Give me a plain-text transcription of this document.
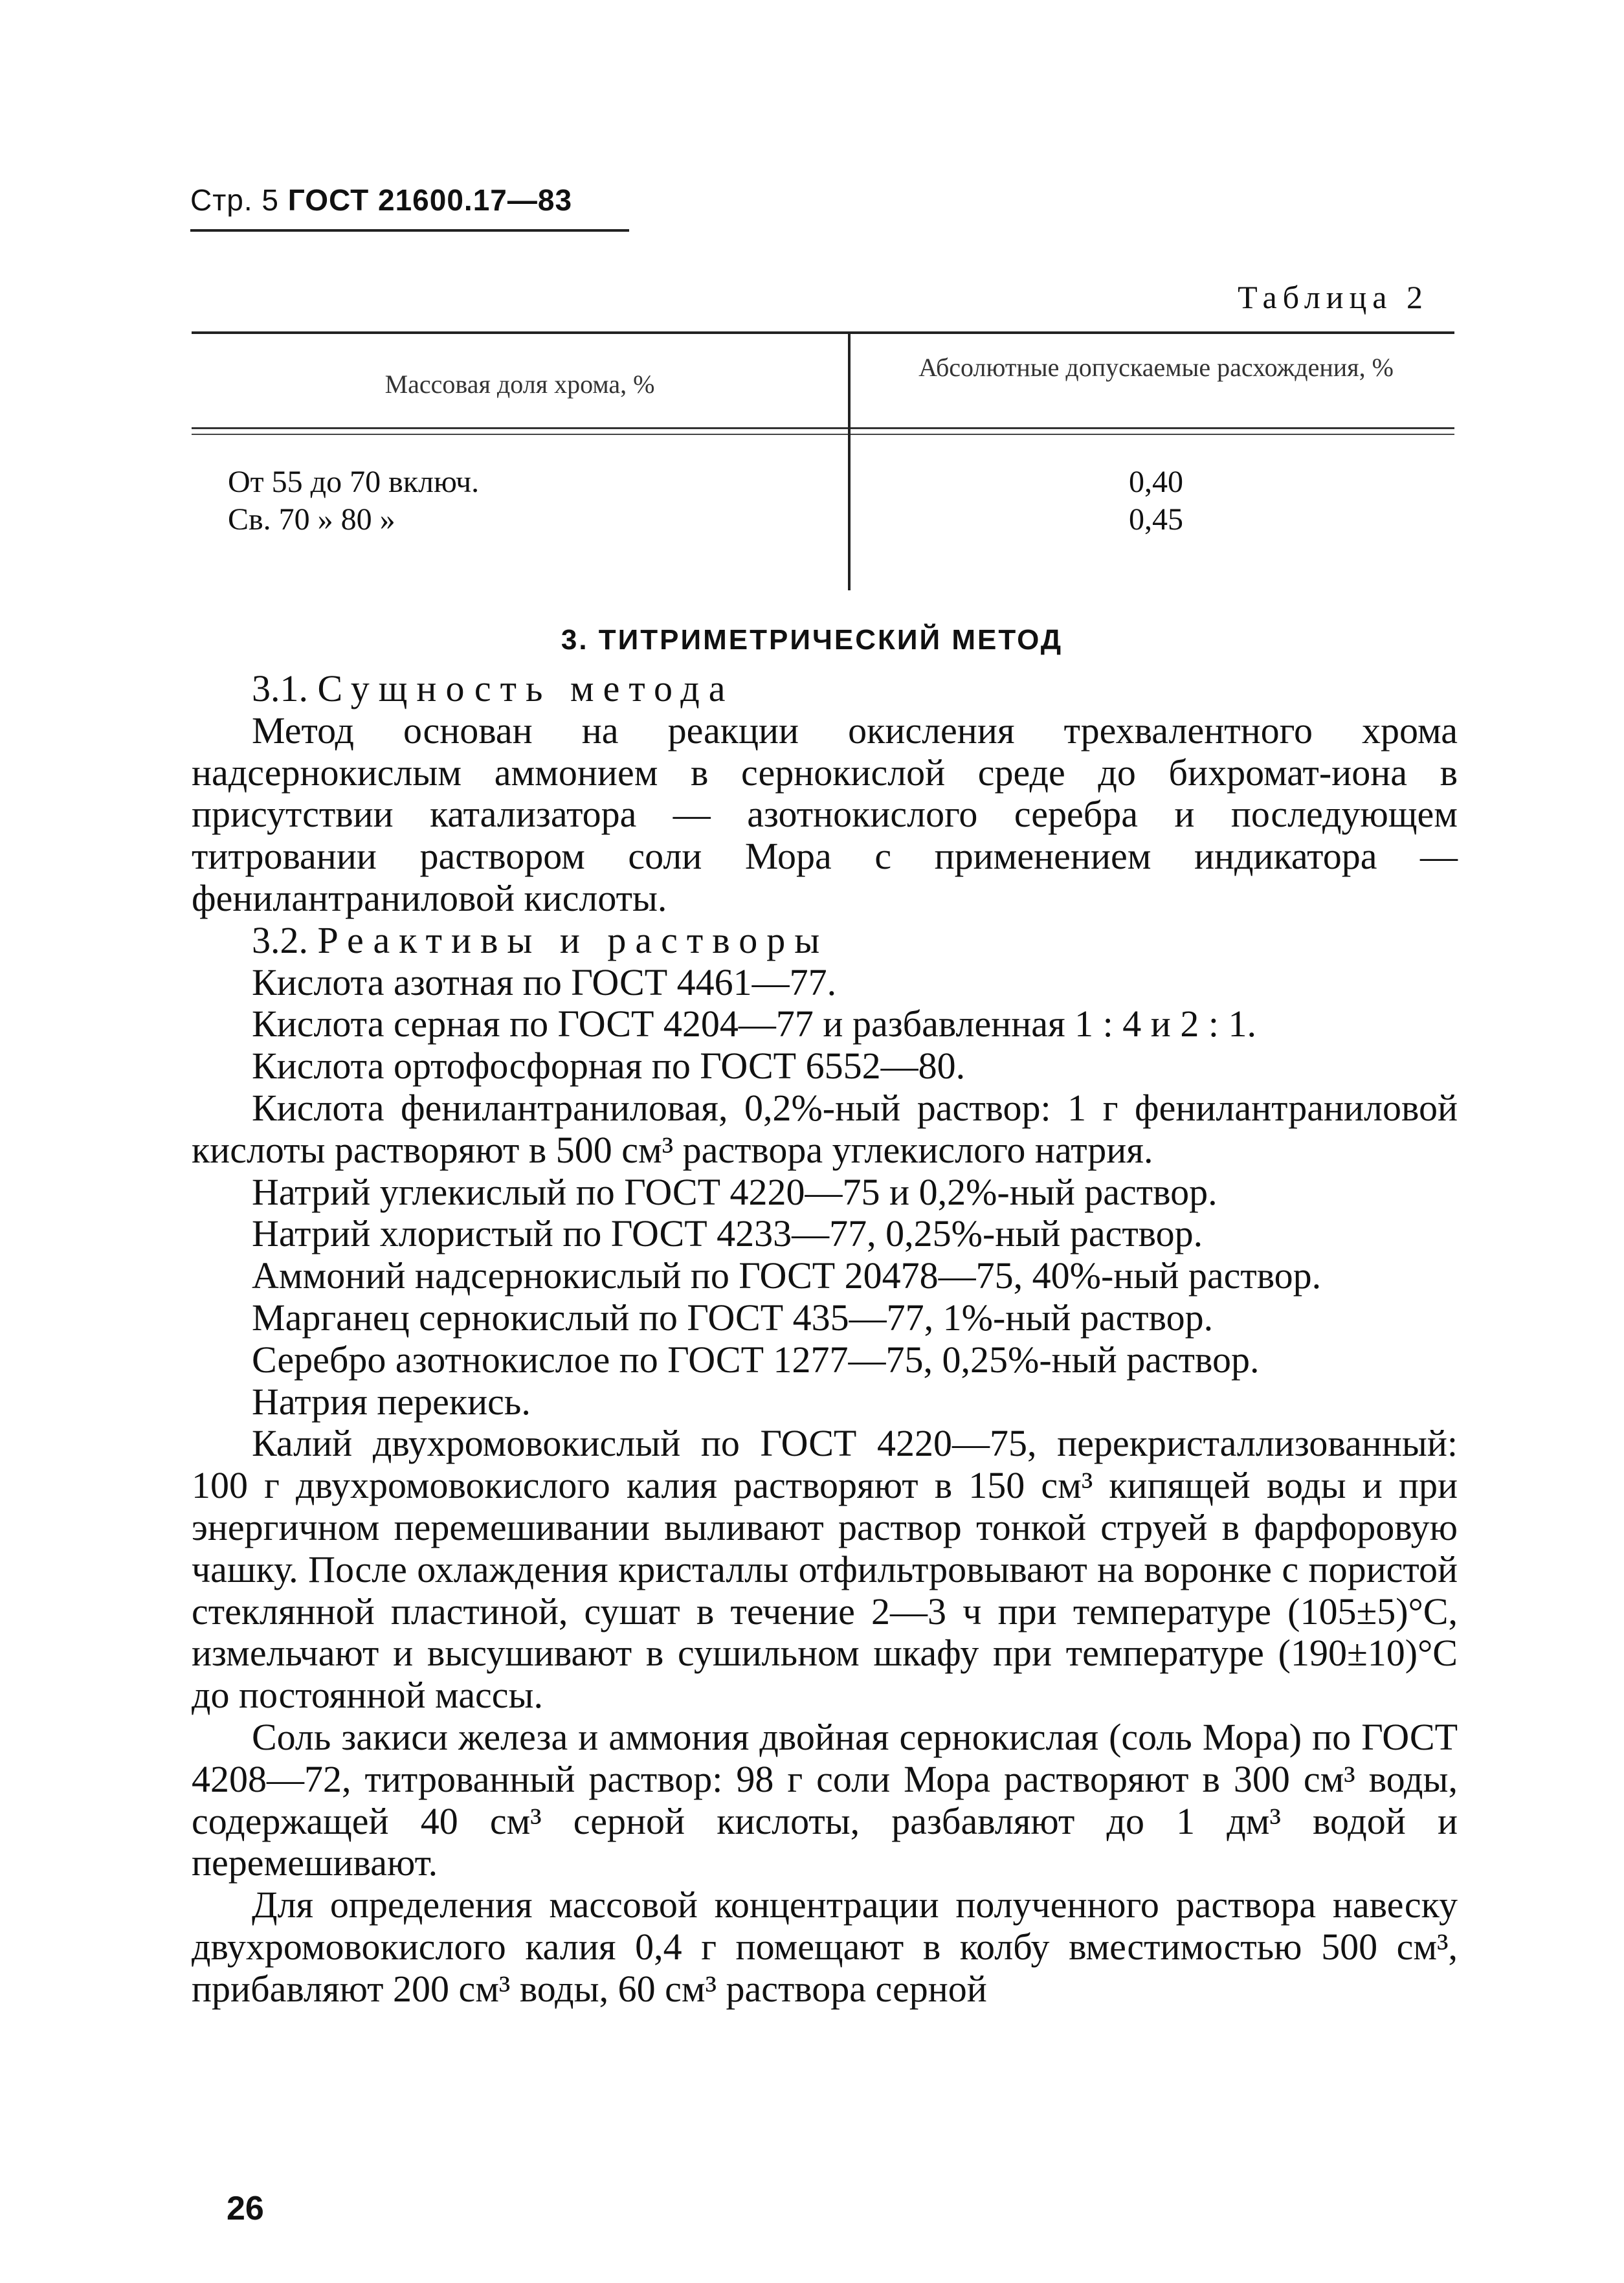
Стр. 5 ГОСТ 21600.17—83
Таблица 2
Массовая доля хрома, %
Абсолютные допускаемые расхождения, %
От 55 до 70 включ.
Св. 70 » 80 »
0,40
0,45
3. ТИТРИМЕТРИЧЕСКИЙ МЕТОД

3.1. Сущность метода

Метод основан на реакции окисления трехвалентного хрома надсернокислым аммонием в сернокислой среде до бихромат-иона в присутствии катализатора — азотнокислого серебра и последующем титровании раствором соли Мора с применением индикатора — фенилантраниловой кислоты.

3.2. Реактивы и растворы

Кислота азотная по ГОСТ 4461—77.

Кислота серная по ГОСТ 4204—77 и разбавленная 1 : 4 и 2 : 1.

Кислота ортофосфорная по ГОСТ 6552—80.

Кислота фенилантраниловая, 0,2%-ный раствор: 1 г фенилантраниловой кислоты растворяют в 500 см³ раствора углекислого натрия.

Натрий углекислый по ГОСТ 4220—75 и 0,2%-ный раствор.

Натрий хлористый по ГОСТ 4233—77, 0,25%-ный раствор.

Аммоний надсернокислый по ГОСТ 20478—75, 40%-ный раствор.

Марганец сернокислый по ГОСТ 435—77, 1%-ный раствор.

Серебро азотнокислое по ГОСТ 1277—75, 0,25%-ный раствор.

Натрия перекись.

Калий двухромовокислый по ГОСТ 4220—75, перекристаллизованный: 100 г двухромовокислого калия растворяют в 150 см³ кипящей воды и при энергичном перемешивании выливают раствор тонкой струей в фарфоровую чашку. После охлаждения кристаллы отфильтровывают на воронке с пористой стеклянной пластиной, сушат в течение 2—3 ч при температуре (105±5)°С, измельчают и высушивают в сушильном шкафу при температуре (190±10)°С до постоянной массы.

Соль закиси железа и аммония двойная сернокислая (соль Мора) по ГОСТ 4208—72, титрованный раствор: 98 г соли Мора растворяют в 300 см³ воды, содержащей 40 см³ серной кислоты, разбавляют до 1 дм³ водой и перемешивают.

Для определения массовой концентрации полученного раствора навеску двухромовокислого калия 0,4 г помещают в колбу вместимостью 500 см³, прибавляют 200 см³ воды, 60 см³ раствора серной

26
